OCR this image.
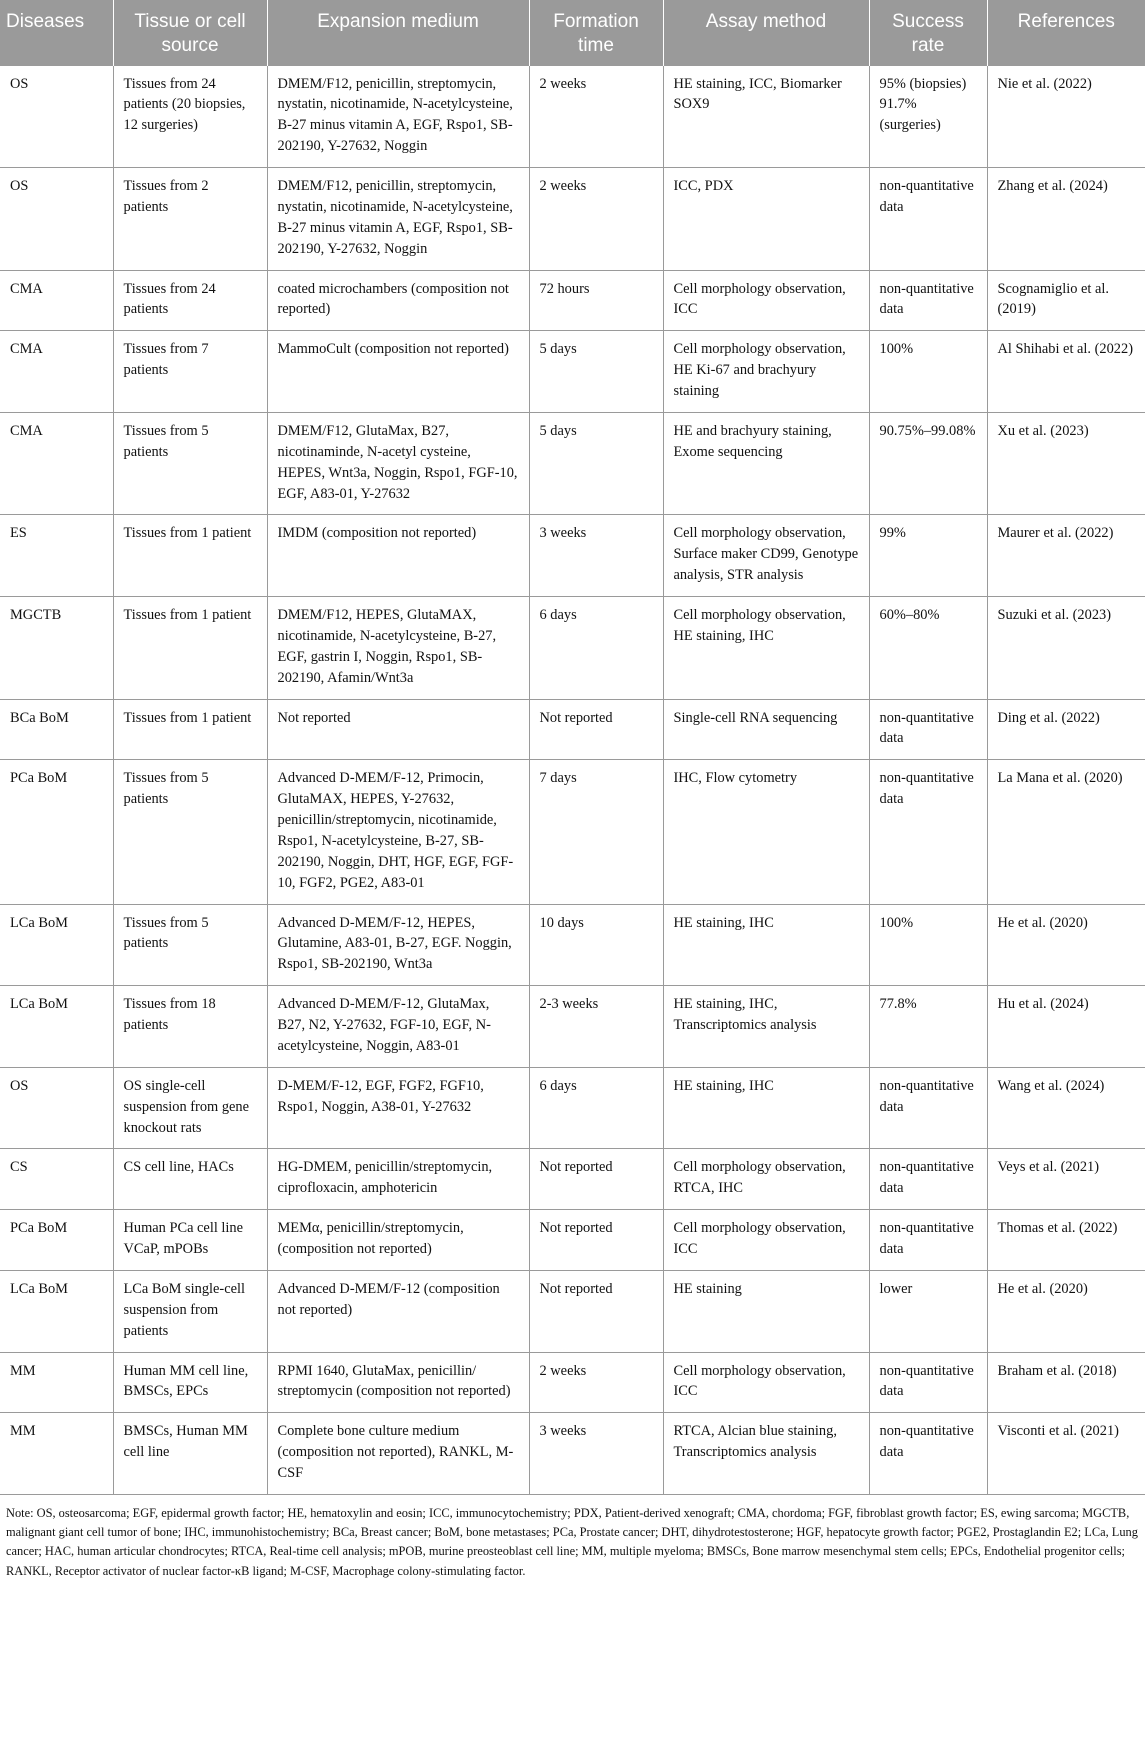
Diseases	Tissue or cell source	Expansion medium	Formation time	Assay method	Success rate	References
OS	Tissues from 24 patients (20 biopsies, 12 surgeries)	DMEM/F12, penicillin, streptomycin, nystatin, nicotinamide, N-acetylcysteine, B-27 minus vitamin A, EGF, Rspo1, SB-202190, Y-27632, Noggin	2 weeks	HE staining, ICC, Biomarker SOX9	95% (biopsies) 91.7% (surgeries)	Nie et al. (2022)
OS	Tissues from 2 patients	DMEM/F12, penicillin, streptomycin, nystatin, nicotinamide, N-acetylcysteine, B-27 minus vitamin A, EGF, Rspo1, SB-202190, Y-27632, Noggin	2 weeks	ICC, PDX	non-quantitative data	Zhang et al. (2024)
CMA	Tissues from 24 patients	coated microchambers (composition not reported)	72 hours	Cell morphology observation, ICC	non-quantitative data	Scognamiglio et al. (2019)
CMA	Tissues from 7 patients	MammoCult (composition not reported)	5 days	Cell morphology observation, HE Ki-67 and brachyury staining	100%	Al Shihabi et al. (2022)
CMA	Tissues from 5 patients	DMEM/F12, GlutaMax, B27, nicotinaminde, N-acetyl cysteine, HEPES, Wnt3a, Noggin, Rspo1, FGF-10, EGF, A83-01, Y-27632	5 days	HE and brachyury staining, Exome sequencing	90.75%–99.08%	Xu et al. (2023)
ES	Tissues from 1 patient	IMDM (composition not reported)	3 weeks	Cell morphology observation, Surface maker CD99, Genotype analysis, STR analysis	99%	Maurer et al. (2022)
MGCTB	Tissues from 1 patient	DMEM/F12, HEPES, GlutaMAX, nicotinamide, N-acetylcysteine, B-27, EGF, gastrin I, Noggin, Rspo1, SB-202190, Afamin/Wnt3a	6 days	Cell morphology observation, HE staining, IHC	60%–80%	Suzuki et al. (2023)
BCa BoM	Tissues from 1 patient	Not reported	Not reported	Single-cell RNA sequencing	non-quantitative data	Ding et al. (2022)
PCa BoM	Tissues from 5 patients	Advanced D-MEM/F-12, Primocin, GlutaMAX, HEPES, Y-27632, penicillin/streptomycin, nicotinamide, Rspo1, N-acetylcysteine, B-27, SB-202190, Noggin, DHT, HGF, EGF, FGF-10, FGF2, PGE2, A83-01	7 days	IHC, Flow cytometry	non-quantitative data	La Mana et al. (2020)
LCa BoM	Tissues from 5 patients	Advanced D-MEM/F-12, HEPES, Glutamine, A83-01, B-27, EGF. Noggin, Rspo1, SB-202190, Wnt3a	10 days	HE staining, IHC	100%	He et al. (2020)
LCa BoM	Tissues from 18 patients	Advanced D-MEM/F-12, GlutaMax, B27, N2, Y-27632, FGF-10, EGF, N-acetylcysteine, Noggin, A83-01	2-3 weeks	HE staining, IHC, Transcriptomics analysis	77.8%	Hu et al. (2024)
OS	OS single-cell suspension from gene knockout rats	D-MEM/F-12, EGF, FGF2, FGF10, Rspo1, Noggin, A38-01, Y-27632	6 days	HE staining, IHC	non-quantitative data	Wang et al. (2024)
CS	CS cell line, HACs	HG-DMEM, penicillin/streptomycin, ciprofloxacin, amphotericin	Not reported	Cell morphology observation, RTCA, IHC	non-quantitative data	Veys et al. (2021)
PCa BoM	Human PCa cell line VCaP, mPOBs	MEMα, penicillin/streptomycin, (composition not reported)	Not reported	Cell morphology observation, ICC	non-quantitative data	Thomas et al. (2022)
LCa BoM	LCa BoM single-cell suspension from patients	Advanced D-MEM/F-12 (composition not reported)	Not reported	HE staining	lower	He et al. (2020)
MM	Human MM cell line, BMSCs, EPCs	RPMI 1640, GlutaMax, penicillin/ streptomycin (composition not reported)	2 weeks	Cell morphology observation, ICC	non-quantitative data	Braham et al. (2018)
MM	BMSCs, Human MM cell line	Complete bone culture medium (composition not reported), RANKL, M-CSF	3 weeks	RTCA, Alcian blue staining, Transcriptomics analysis	non-quantitative data	Visconti et al. (2021)
Note: OS, osteosarcoma; EGF, epidermal growth factor; HE, hematoxylin and eosin; ICC, immunocytochemistry; PDX, Patient-derived xenograft; CMA, chordoma; FGF, fibroblast growth factor; ES, ewing sarcoma; MGCTB, malignant giant cell tumor of bone; IHC, immunohistochemistry; BCa, Breast cancer; BoM, bone metastases; PCa, Prostate cancer; DHT, dihydrotestosterone; HGF, hepatocyte growth factor; PGE2, Prostaglandin E2; LCa, Lung cancer; HAC, human articular chondrocytes; RTCA, Real-time cell analysis; mPOB, murine preosteoblast cell line; MM, multiple myeloma; BMSCs, Bone marrow mesenchymal stem cells; EPCs, Endothelial progenitor cells; RANKL, Receptor activator of nuclear factor-κB ligand; M-CSF, Macrophage colony-stimulating factor.
